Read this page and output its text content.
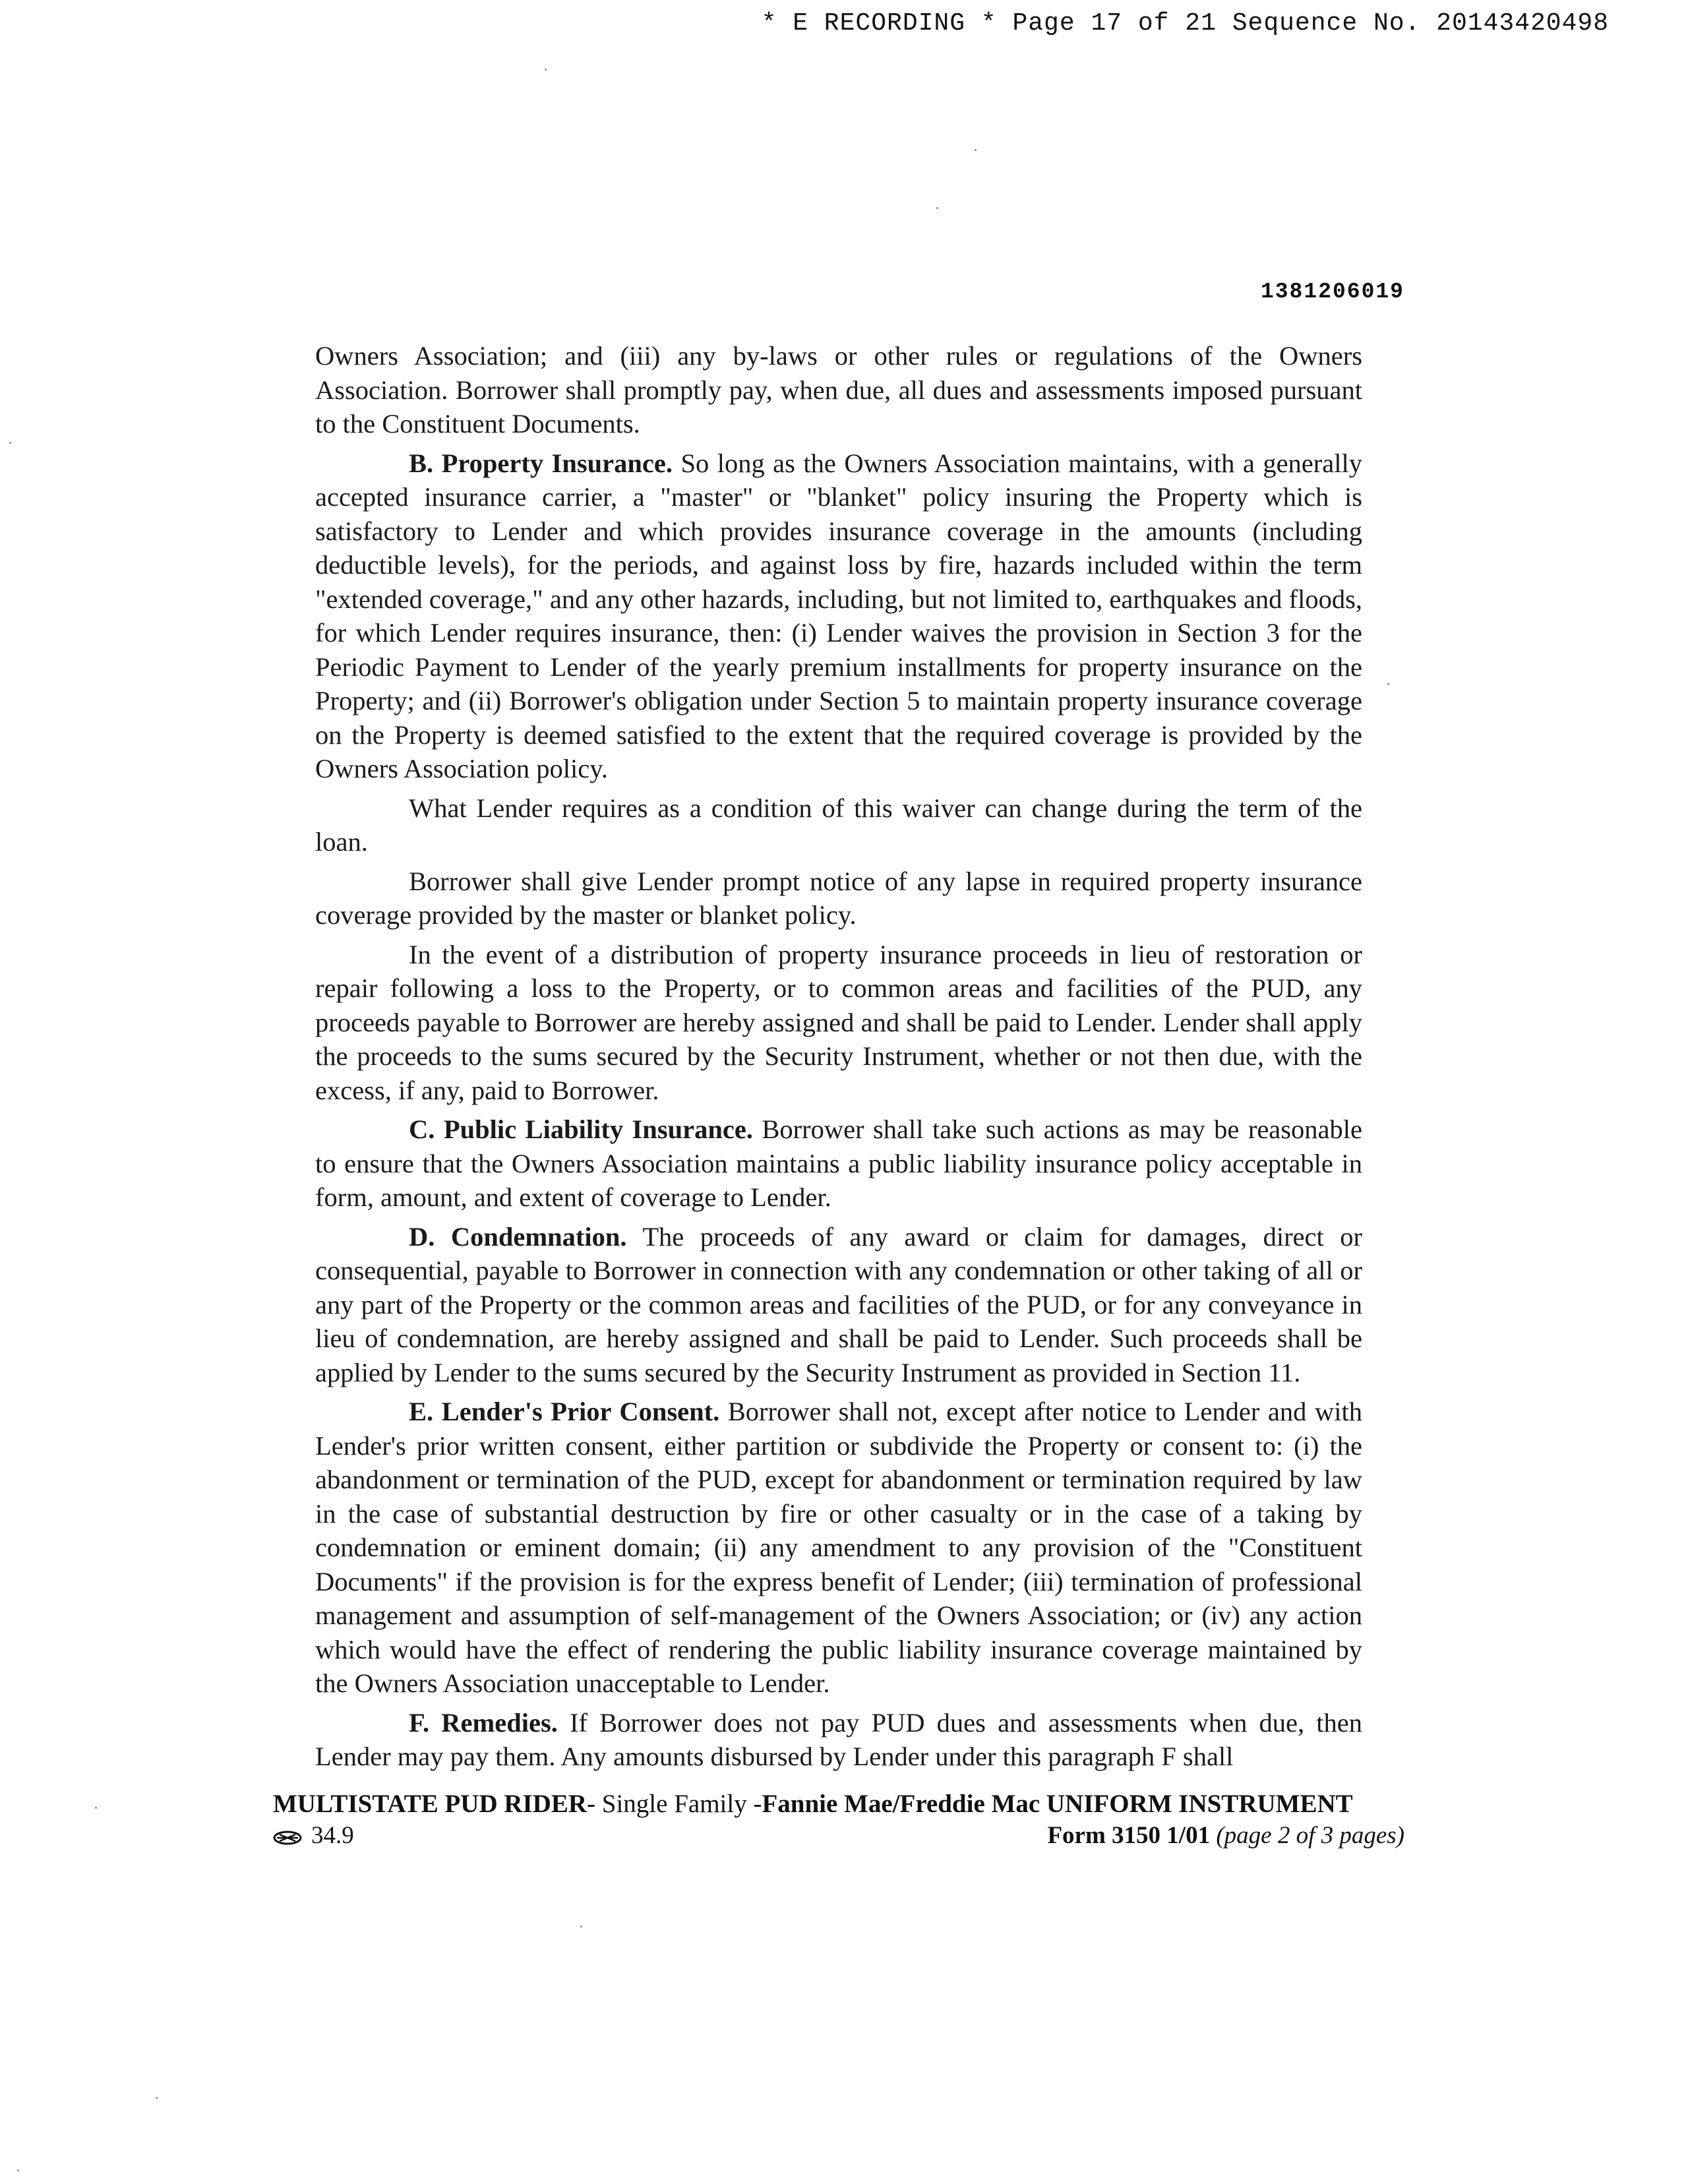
* E RECORDING * Page 17 of 21 Sequence No. 20143420498
1381206019

Owners Association; and (iii) any by-laws or other rules or regulations of the Owners Association. Borrower shall promptly pay, when due, all dues and assessments imposed pursuant to the Constituent Documents.

B. Property Insurance. So long as the Owners Association maintains, with a generally accepted insurance carrier, a "master" or "blanket" policy insuring the Property which is satisfactory to Lender and which provides insurance coverage in the amounts (including deductible levels), for the periods, and against loss by fire, hazards included within the term "extended coverage," and any other hazards, including, but not limited to, earthquakes and floods, for which Lender requires insurance, then: (i) Lender waives the provision in Section 3 for the Periodic Payment to Lender of the yearly premium installments for property insurance on the Property; and (ii) Borrower's obligation under Section 5 to maintain property insurance coverage on the Property is deemed satisfied to the extent that the required coverage is provided by the Owners Association policy.

What Lender requires as a condition of this waiver can change during the term of the loan.

Borrower shall give Lender prompt notice of any lapse in required property insurance coverage provided by the master or blanket policy.

In the event of a distribution of property insurance proceeds in lieu of restoration or repair following a loss to the Property, or to common areas and facilities of the PUD, any proceeds payable to Borrower are hereby assigned and shall be paid to Lender. Lender shall apply the proceeds to the sums secured by the Security Instrument, whether or not then due, with the excess, if any, paid to Borrower.

C. Public Liability Insurance. Borrower shall take such actions as may be reasonable to ensure that the Owners Association maintains a public liability insurance policy acceptable in form, amount, and extent of coverage to Lender.

D. Condemnation. The proceeds of any award or claim for damages, direct or consequential, payable to Borrower in connection with any condemnation or other taking of all or any part of the Property or the common areas and facilities of the PUD, or for any conveyance in lieu of condemnation, are hereby assigned and shall be paid to Lender. Such proceeds shall be applied by Lender to the sums secured by the Security Instrument as provided in Section 11.

E. Lender's Prior Consent. Borrower shall not, except after notice to Lender and with Lender's prior written consent, either partition or subdivide the Property or consent to: (i) the abandonment or termination of the PUD, except for abandonment or termination required by law in the case of substantial destruction by fire or other casualty or in the case of a taking by condemnation or eminent domain; (ii) any amendment to any provision of the "Constituent Documents" if the provision is for the express benefit of Lender; (iii) termination of professional management and assumption of self-management of the Owners Association; or (iv) any action which would have the effect of rendering the public liability insurance coverage maintained by the Owners Association unacceptable to Lender.

F. Remedies. If Borrower does not pay PUD dues and assessments when due, then Lender may pay them. Any amounts disbursed by Lender under this paragraph F shall

MULTISTATE PUD RIDER- Single Family -Fannie Mae/Freddie Mac UNIFORM INSTRUMENT
34.9	Form 3150 1/01 (page 2 of 3 pages)
